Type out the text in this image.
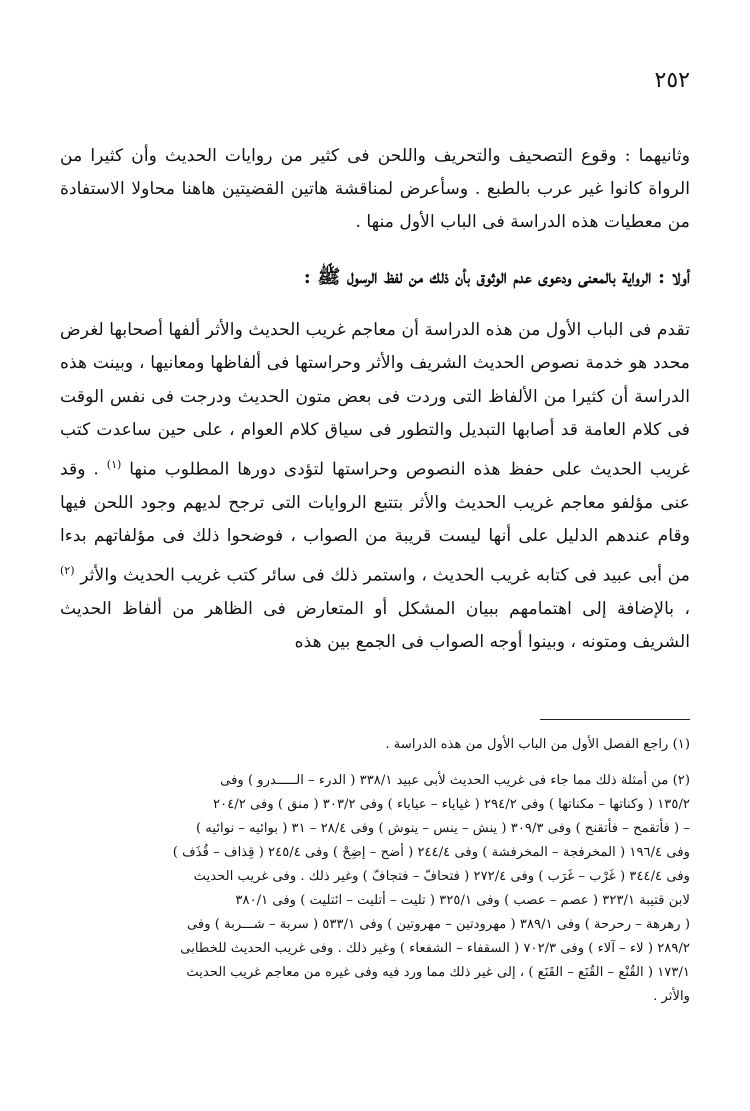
٢٥٢

وثانيهما : وقوع التصحيف والتحريف واللحن فى كثير من روايات الحديث وأن كثيرا من الرواة كانوا غير عرب بالطبع . وسأعرض لمناقشة هاتين القضيتين هاهنا محاولا الاستفادة من معطيات هذه الدراسة فى الباب الأول منها .

أولا : الرواية بالمعنى ودعوى عدم الوثوق بأن ذلك من لفظ الرسول ﷺ :

تقدم فى الباب الأول من هذه الدراسة أن معاجم غريب الحديث والأثر ألفها أصحابها لغرض محدد هو خدمة نصوص الحديث الشريف والأثر وحراستها فى ألفاظها ومعانيها ، وبينت هذه الدراسة أن كثيرا من الألفاظ التى وردت فى بعض متون الحديث ودرجت فى نفس الوقت فى كلام العامة قد أصابها التبديل والتطور فى سياق كلام العوام ، على حين ساعدت كتب غريب الحديث على حفظ هذه النصوص وحراستها لتؤدى دورها المطلوب منها $^{(١)}$ . وقد عنى مؤلفو معاجم غريب الحديث والأثر بتتبع الروايات التى ترجح لديهم وجود اللحن فيها وقام عندهم الدليل على أنها ليست قريبة من الصواب ، فوضحوا ذلك فى مؤلفاتهم بدءا من أبى عبيد فى كتابه غريب الحديث ، واستمر ذلك فى سائر كتب غريب الحديث والأثر $^{(٢)}$ ، بالإضافة إلى اهتمامهم ببيان المشكل أو المتعارض فى الظاهر من ألفاظ الحديث الشريف ومتونه ، وبينوا أوجه الصواب فى الجمع بين هذه

(١) راجع الفصل الأول من الباب الأول من هذه الدراسة .

(٢) من أمثلة ذلك مما جاء فى غريب الحديث لأبى عبيد ٣٣٨/١ ( الدرء – الـــــدرو ) وفى

١٣٥/٢ ( وكناتها – مكناتها ) وفى ٢٩٤/٢ ( غياياء – عياياء ) وفى ٣٠٣/٢ ( منق ) وفى ٢٠٤/٢

– ( فأتقمح – فأتقنح ) وفى ٣٠٩/٣ ( ينش – ينس – ينوش ) وفى ٢٨/٤ – ٣١ ( بوائيه – نوائيه )

وفى ١٩٦/٤ ( المخرفجة – المخرفشة ) وفى ٢٤٤/٤ ( أضح – إضِحْ ) وفى ٢٤٥/٤ ( قِذاف – قُذَف )

وفى ٣٤٤/٤ ( غَرْب – غَرَب ) وفى ٢٧٢/٤ ( فتحافّ – فتجافّ ) وغير ذلك . وفى غريب الحديث

لابن قتيبة ٣٢٣/١ ( عصم – عصب ) وفى ٣٢٥/١ ( تليت – أتليت – ائتليت ) وفى ٣٨٠/١

( رهرهة – رحرحة ) وفى ٣٨٩/١ ( مهرودتين – مهروتين ) وفى ٥٣٣/١ ( سربة – شـــربة ) وفى

٢٨٩/٢ ( لاء – آلاء ) وفى ٧٠٢/٣ ( السقفاء – الشفعاء ) وغير ذلك . وفى غريب الحديث للخطابى

١٧٣/١ ( القُنْع – القُنَع – القَنَع ) ، إلى غير ذلك مما ورد فيه وفى غيره من معاجم غريب الحديث

والأثر .
